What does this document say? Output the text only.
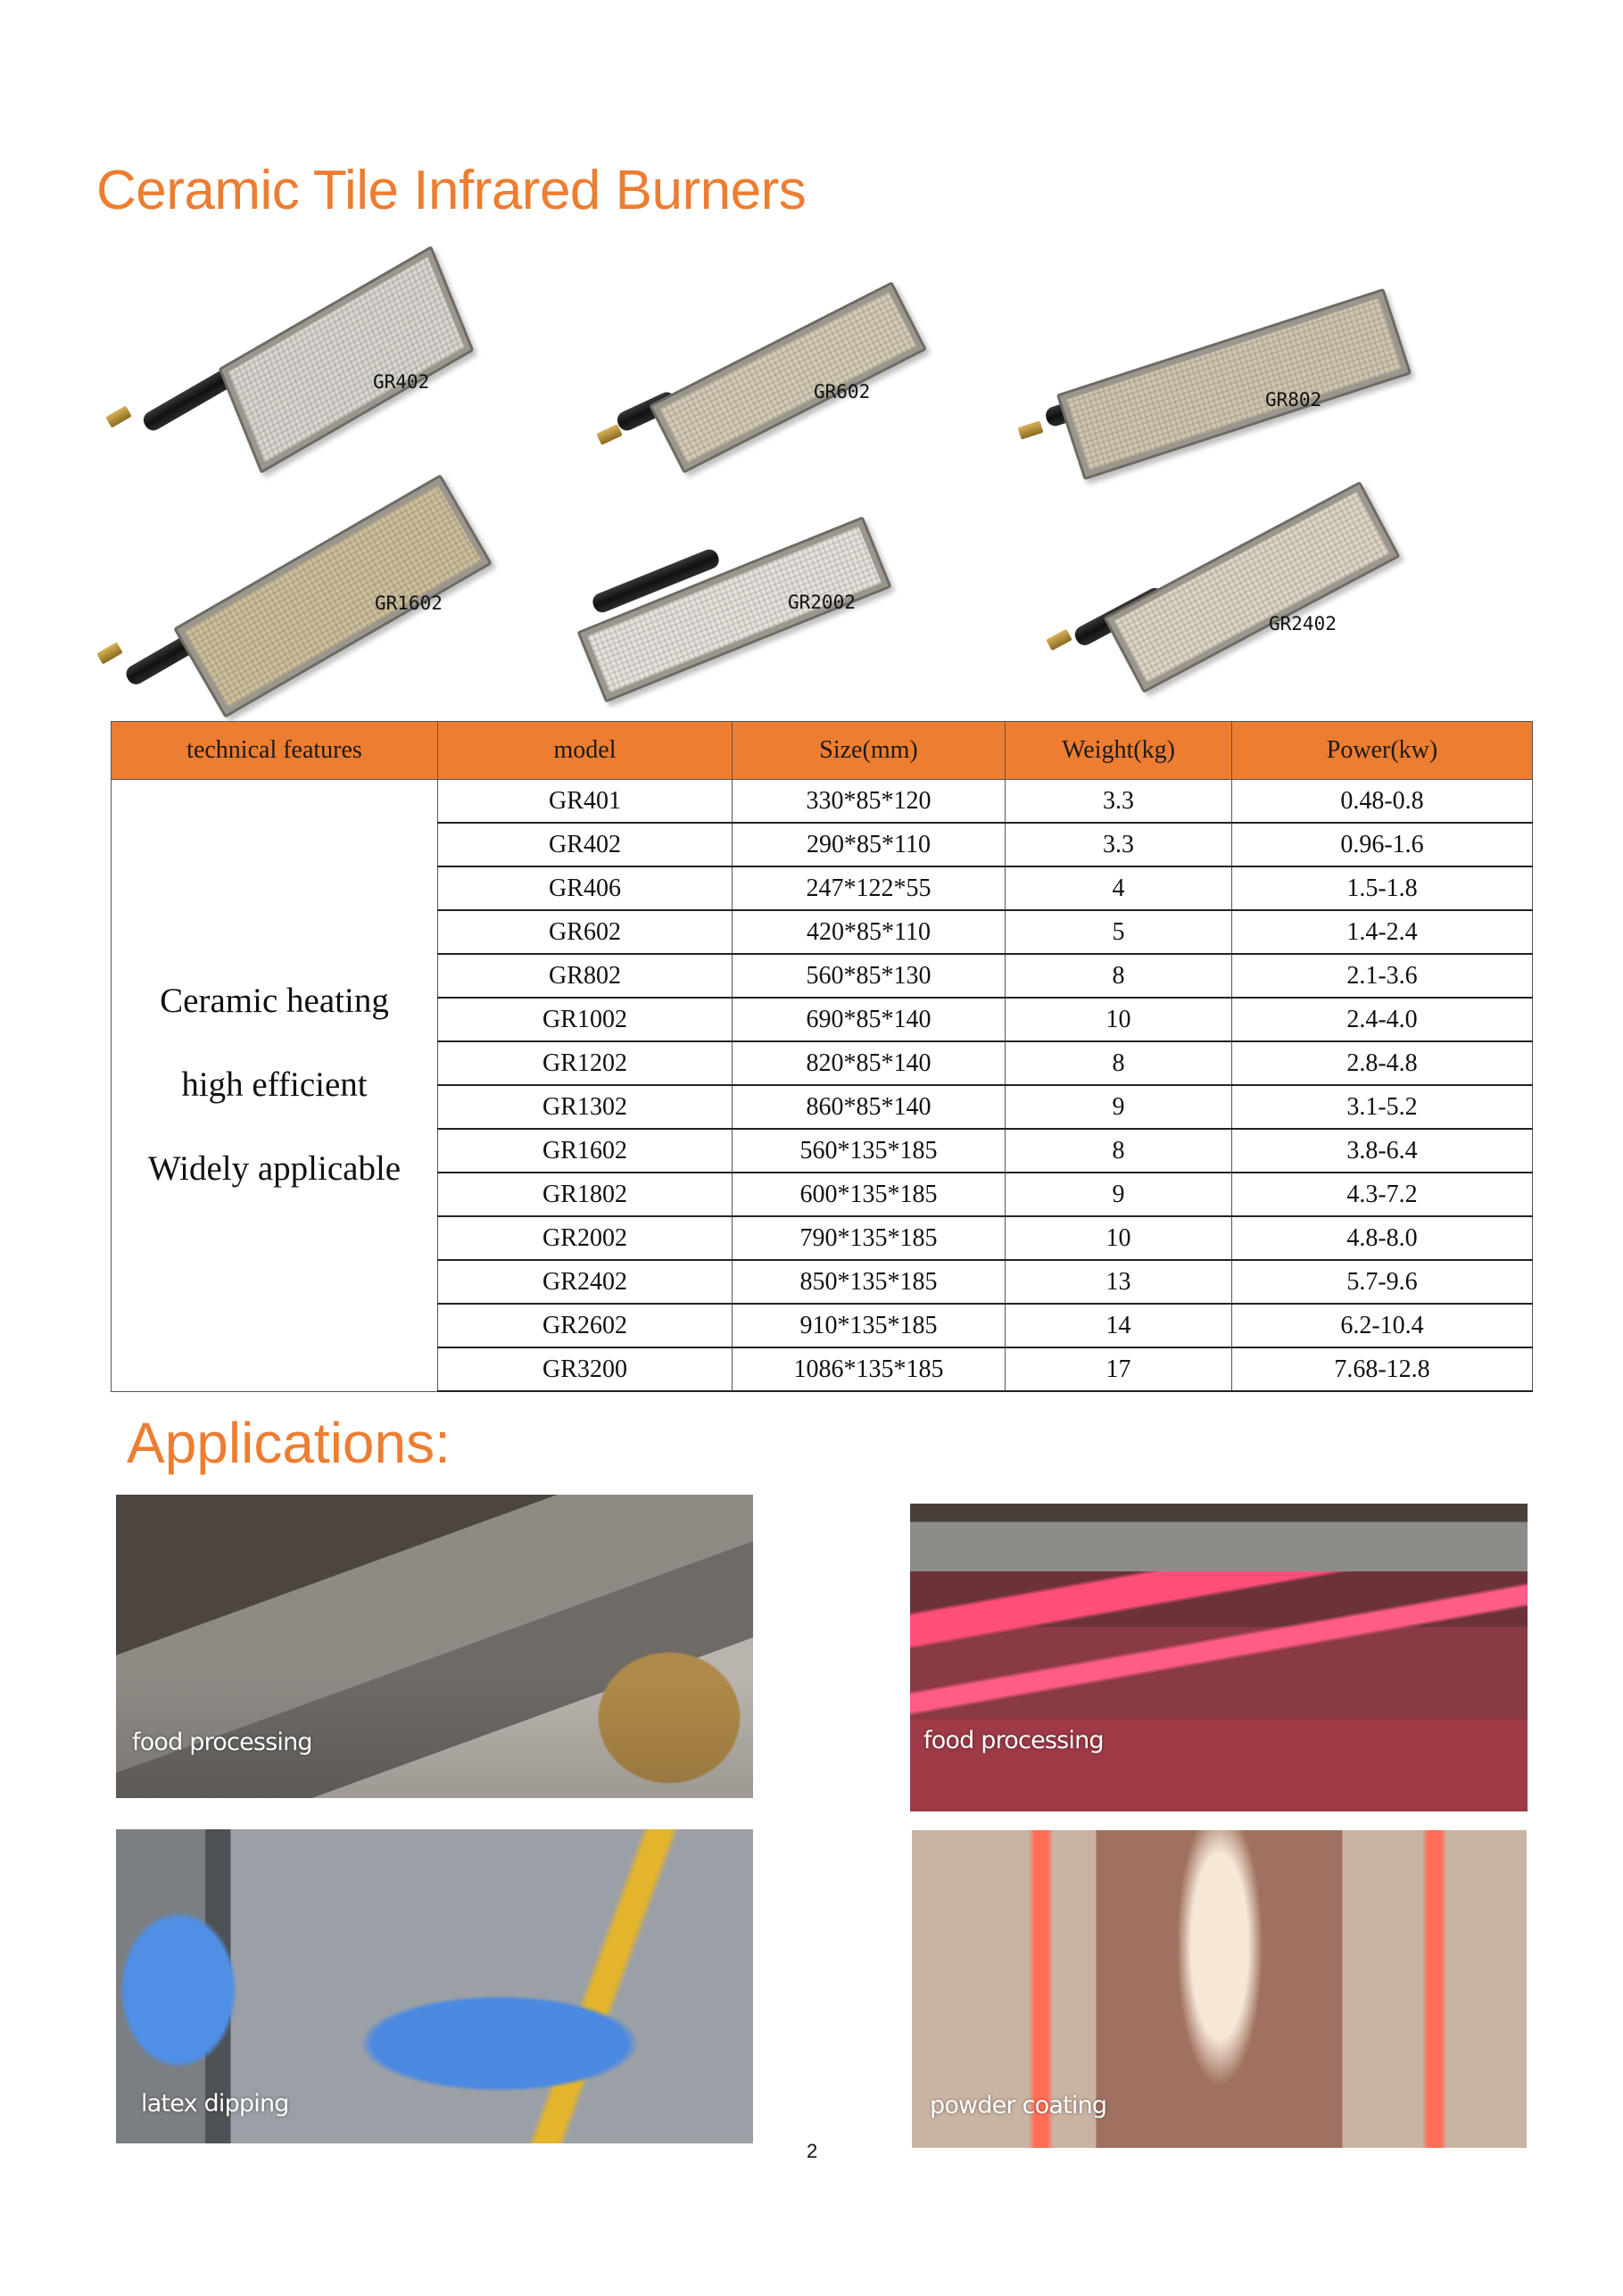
Ceramic Tile Infrared Burners
GR402	GR602	GR802
GR1602	GR2002
GR2402
technical features	model	Size(mm)	Weight(kg)	Power(kw)

Ceramic heating
high efficient
Widely applicable	GR401	330*85*120	3.3	0.48-0.8
	GR402	290*85*110	3.3	0.96-1.6
	GR406	247*122*55	4	1.5-1.8
	GR602	420*85*110	5	1.4-2.4
	GR802	560*85*130	8	2.1-3.6
	GR1002	690*85*140	10	2.4-4.0
	GR1202	820*85*140	8	2.8-4.8
	GR1302	860*85*140	9	3.1-5.2
	GR1602	560*135*185	8	3.8-6.4
	GR1802	600*135*185	9	4.3-7.2
	GR2002	790*135*185	10	4.8-8.0
	GR2402	850*135*185	13	5.7-9.6
	GR2602	910*135*185	14	6.2-10.4
	GR3200	1086*135*185	17	7.68-12.8
Applications:
food processing	food processing
latex dipping	powder coating
2
